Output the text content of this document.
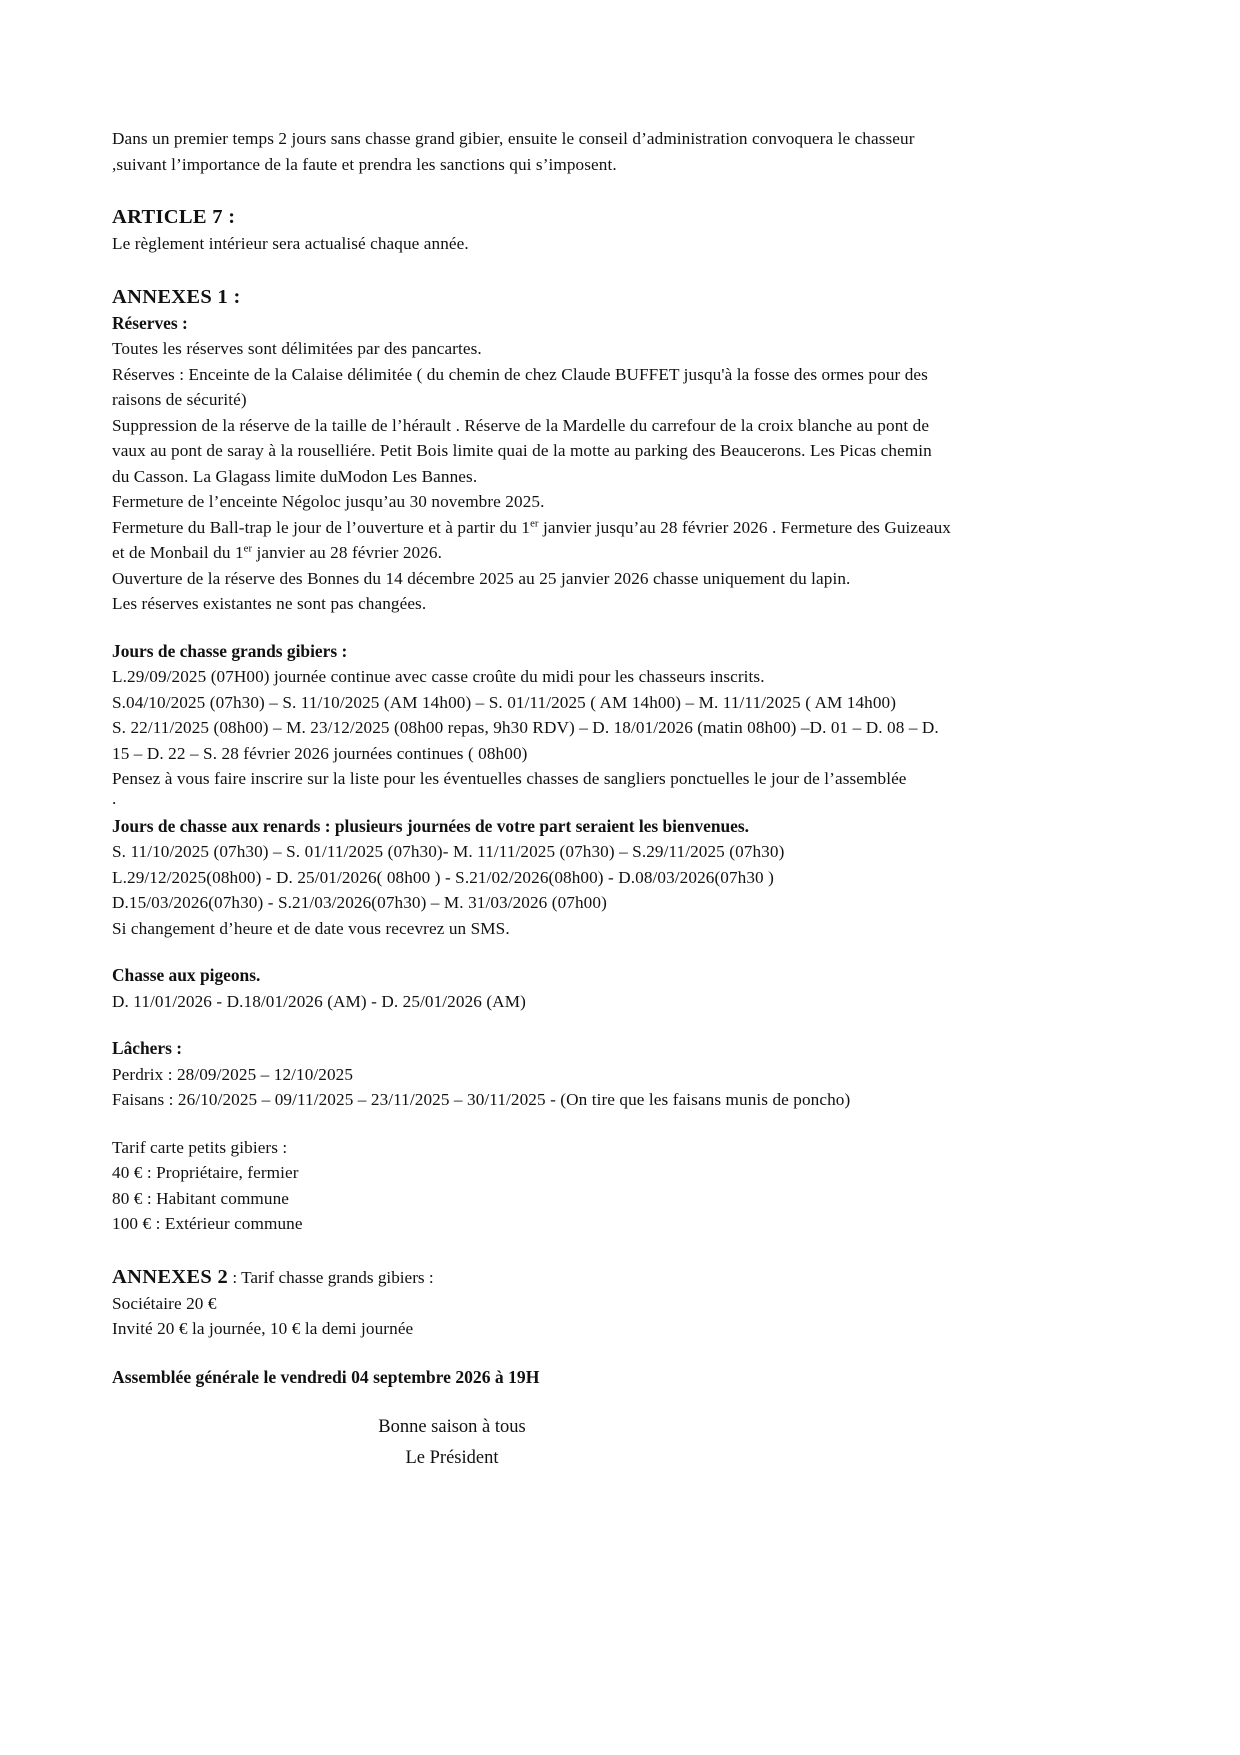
Dans un premier temps 2 jours sans chasse grand gibier, ensuite le conseil d’administration convoquera le chasseur ,suivant l’importance de la faute et prendra les sanctions qui s’imposent.

ARTICLE 7 :

Le règlement intérieur sera actualisé chaque année.

ANNEXES 1 :

Réserves :

Toutes les réserves sont délimitées par des pancartes.

Réserves : Enceinte de la Calaise délimitée ( du chemin de chez Claude BUFFET jusqu'à la fosse des ormes pour des raisons de sécurité)

Suppression de la réserve de la taille de l’hérault . Réserve de la Mardelle du carrefour de la croix blanche au pont de vaux au pont de saray à la rouselliére. Petit Bois limite quai de la motte au parking des Beaucerons. Les Picas chemin du Casson. La Glagass limite duModon Les Bannes.

Fermeture de l’enceinte Négoloc jusqu’au 30 novembre 2025.

Fermeture du Ball-trap le jour de l’ouverture et à partir du 1er janvier jusqu’au 28 février 2026 . Fermeture des Guizeaux et de Monbail du 1er janvier au 28 février 2026.

Ouverture de la réserve des Bonnes du 14 décembre 2025 au 25 janvier 2026 chasse uniquement du lapin.

Les réserves existantes ne sont pas changées.

Jours de chasse grands gibiers :

L.29/09/2025 (07H00) journée continue avec casse croûte du midi pour les chasseurs inscrits.

S.04/10/2025 (07h30) – S. 11/10/2025 (AM 14h00) – S. 01/11/2025 ( AM 14h00) – M. 11/11/2025 ( AM 14h00)

S. 22/11/2025 (08h00) – M. 23/12/2025 (08h00 repas, 9h30 RDV) – D. 18/01/2026 (matin 08h00) –D. 01 – D. 08 – D. 15 – D. 22 – S. 28 février 2026 journées continues ( 08h00)

Pensez à vous faire inscrire sur la liste pour les éventuelles chasses de sangliers ponctuelles le jour de l’assemblée

.

Jours de chasse aux renards : plusieurs journées de votre part seraient les bienvenues.

S. 11/10/2025 (07h30) – S. 01/11/2025 (07h30)- M. 11/11/2025 (07h30) – S.29/11/2025 (07h30)

L.29/12/2025(08h00) - D. 25/01/2026( 08h00 ) - S.21/02/2026(08h00) - D.08/03/2026(07h30 )

D.15/03/2026(07h30) - S.21/03/2026(07h30) – M. 31/03/2026 (07h00)

Si changement d’heure et de date vous recevrez un SMS.

Chasse aux pigeons.

D. 11/01/2026 - D.18/01/2026 (AM) - D. 25/01/2026 (AM)

Lâchers :

Perdrix : 28/09/2025 – 12/10/2025

Faisans : 26/10/2025 – 09/11/2025 – 23/11/2025 – 30/11/2025 - (On tire que les faisans munis de poncho)

Tarif carte petits gibiers :

40 € : Propriétaire, fermier

80 € : Habitant commune

100 € : Extérieur commune

ANNEXES 2 : Tarif chasse grands gibiers :

Sociétaire 20 €

Invité 20 € la journée, 10 € la demi journée

Assemblée générale le vendredi 04 septembre 2026 à 19H

Bonne saison à tous
Le Président
